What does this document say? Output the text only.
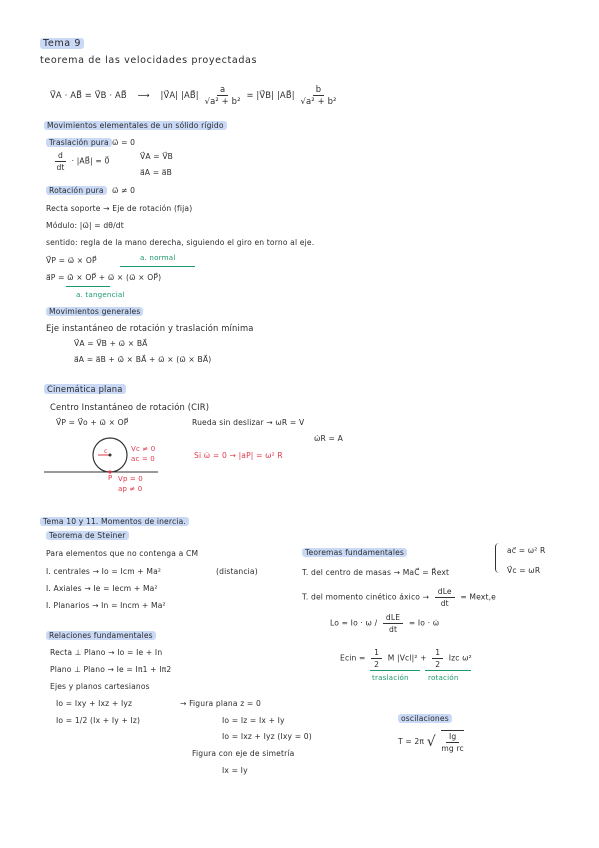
Tema 9
teorema de las velocidades proyectadas
V⃗A · AB⃗ = V⃗B · AB⃗ ⟶ |V⃗A| |AB⃗| $\frac{a}{\text{√a² + b²}}$ = |V⃗B| |AB⃗| $\frac{b}{\text{√a² + b²}}$
Movimientos elementales de un sólido rígido
Traslación pura ω⃗ = 0
$\frac{d}{dt}$ · |AB⃗| = 0⃗	V⃗A = V⃗B
a⃗A = a⃗B
Rotación pura	ω⃗ ≠ 0
Recta soporte → Eje de rotación (fija)
Módulo: |ω⃗| = dθ/dt
sentido: regla de la mano derecha, siguiendo el giro en torno al eje.
V⃗P = ω⃗ × OP⃗	a. normal
a⃗P = ω⃗̇ × OP⃗ + ω⃗ × (ω⃗ × OP⃗)
a. tangencial
Movimientos generales
Eje instantáneo de rotación y traslación mínima
V⃗A = V⃗B + ω⃗ × BA⃗
a⃗A = a⃗B + ω⃗̇ × BA⃗ + ω⃗ × (ω⃗ × BA⃗)
Cinemática plana
Centro Instantáneo de rotación (CIR)
V⃗P = V⃗o + ω⃗ × OP⃗	Rueda sin deslizar → ωR = V
ω̇R = A
c	Vc ≠ 0
ac = 0
P Vp = 0
ap ≠ 0
Si ω̇ = 0 → |aP| = ω² R
Tema 10 y 11. Momentos de inercia.
Teorema de Steiner
Para elementos que no contenga a CM
I. centrales → Io = Icm + Ma²	(distancia)
I. Axiales → Ie = Iecm + Ma²
I. Planarios → In = Incm + Ma²
Teoremas fundamentales
T. del centro de masas → MaC⃗ = R⃗ext
ac⃗ = ω² R
V⃗c = ωR
T. del momento cinético áxico → $\frac{\text{dLe}}{dt}$ = Mext,e
$Lo = Io \cdot \omega / \frac{\text{dLE}}{dt} = Io$ · ω̇
Relaciones fundamentales
Recta ⊥ Plano → Io = Ie + In
Plano ⊥ Plano → Ie = Iπ1 + Iπ2
Ejes y planos cartesianos
Io = Ixy + Ixz + Iyz	→ Figura plana z = 0
Io = 1/2 (Ix + Iy + Iz)	Io = Iz = Ix + Iy
Io = Ixz + Iyz (Ixy = 0)
Figura con eje de simetría
Ix = Iy
Ecin = $\frac{1}{2}$ M $|Vcl|^2 + \frac{1}{2}$ Izc ω²
traslación	rotación
oscilaciones
T = 2π √ $\frac{Ig}{\text{mg rc}}$
